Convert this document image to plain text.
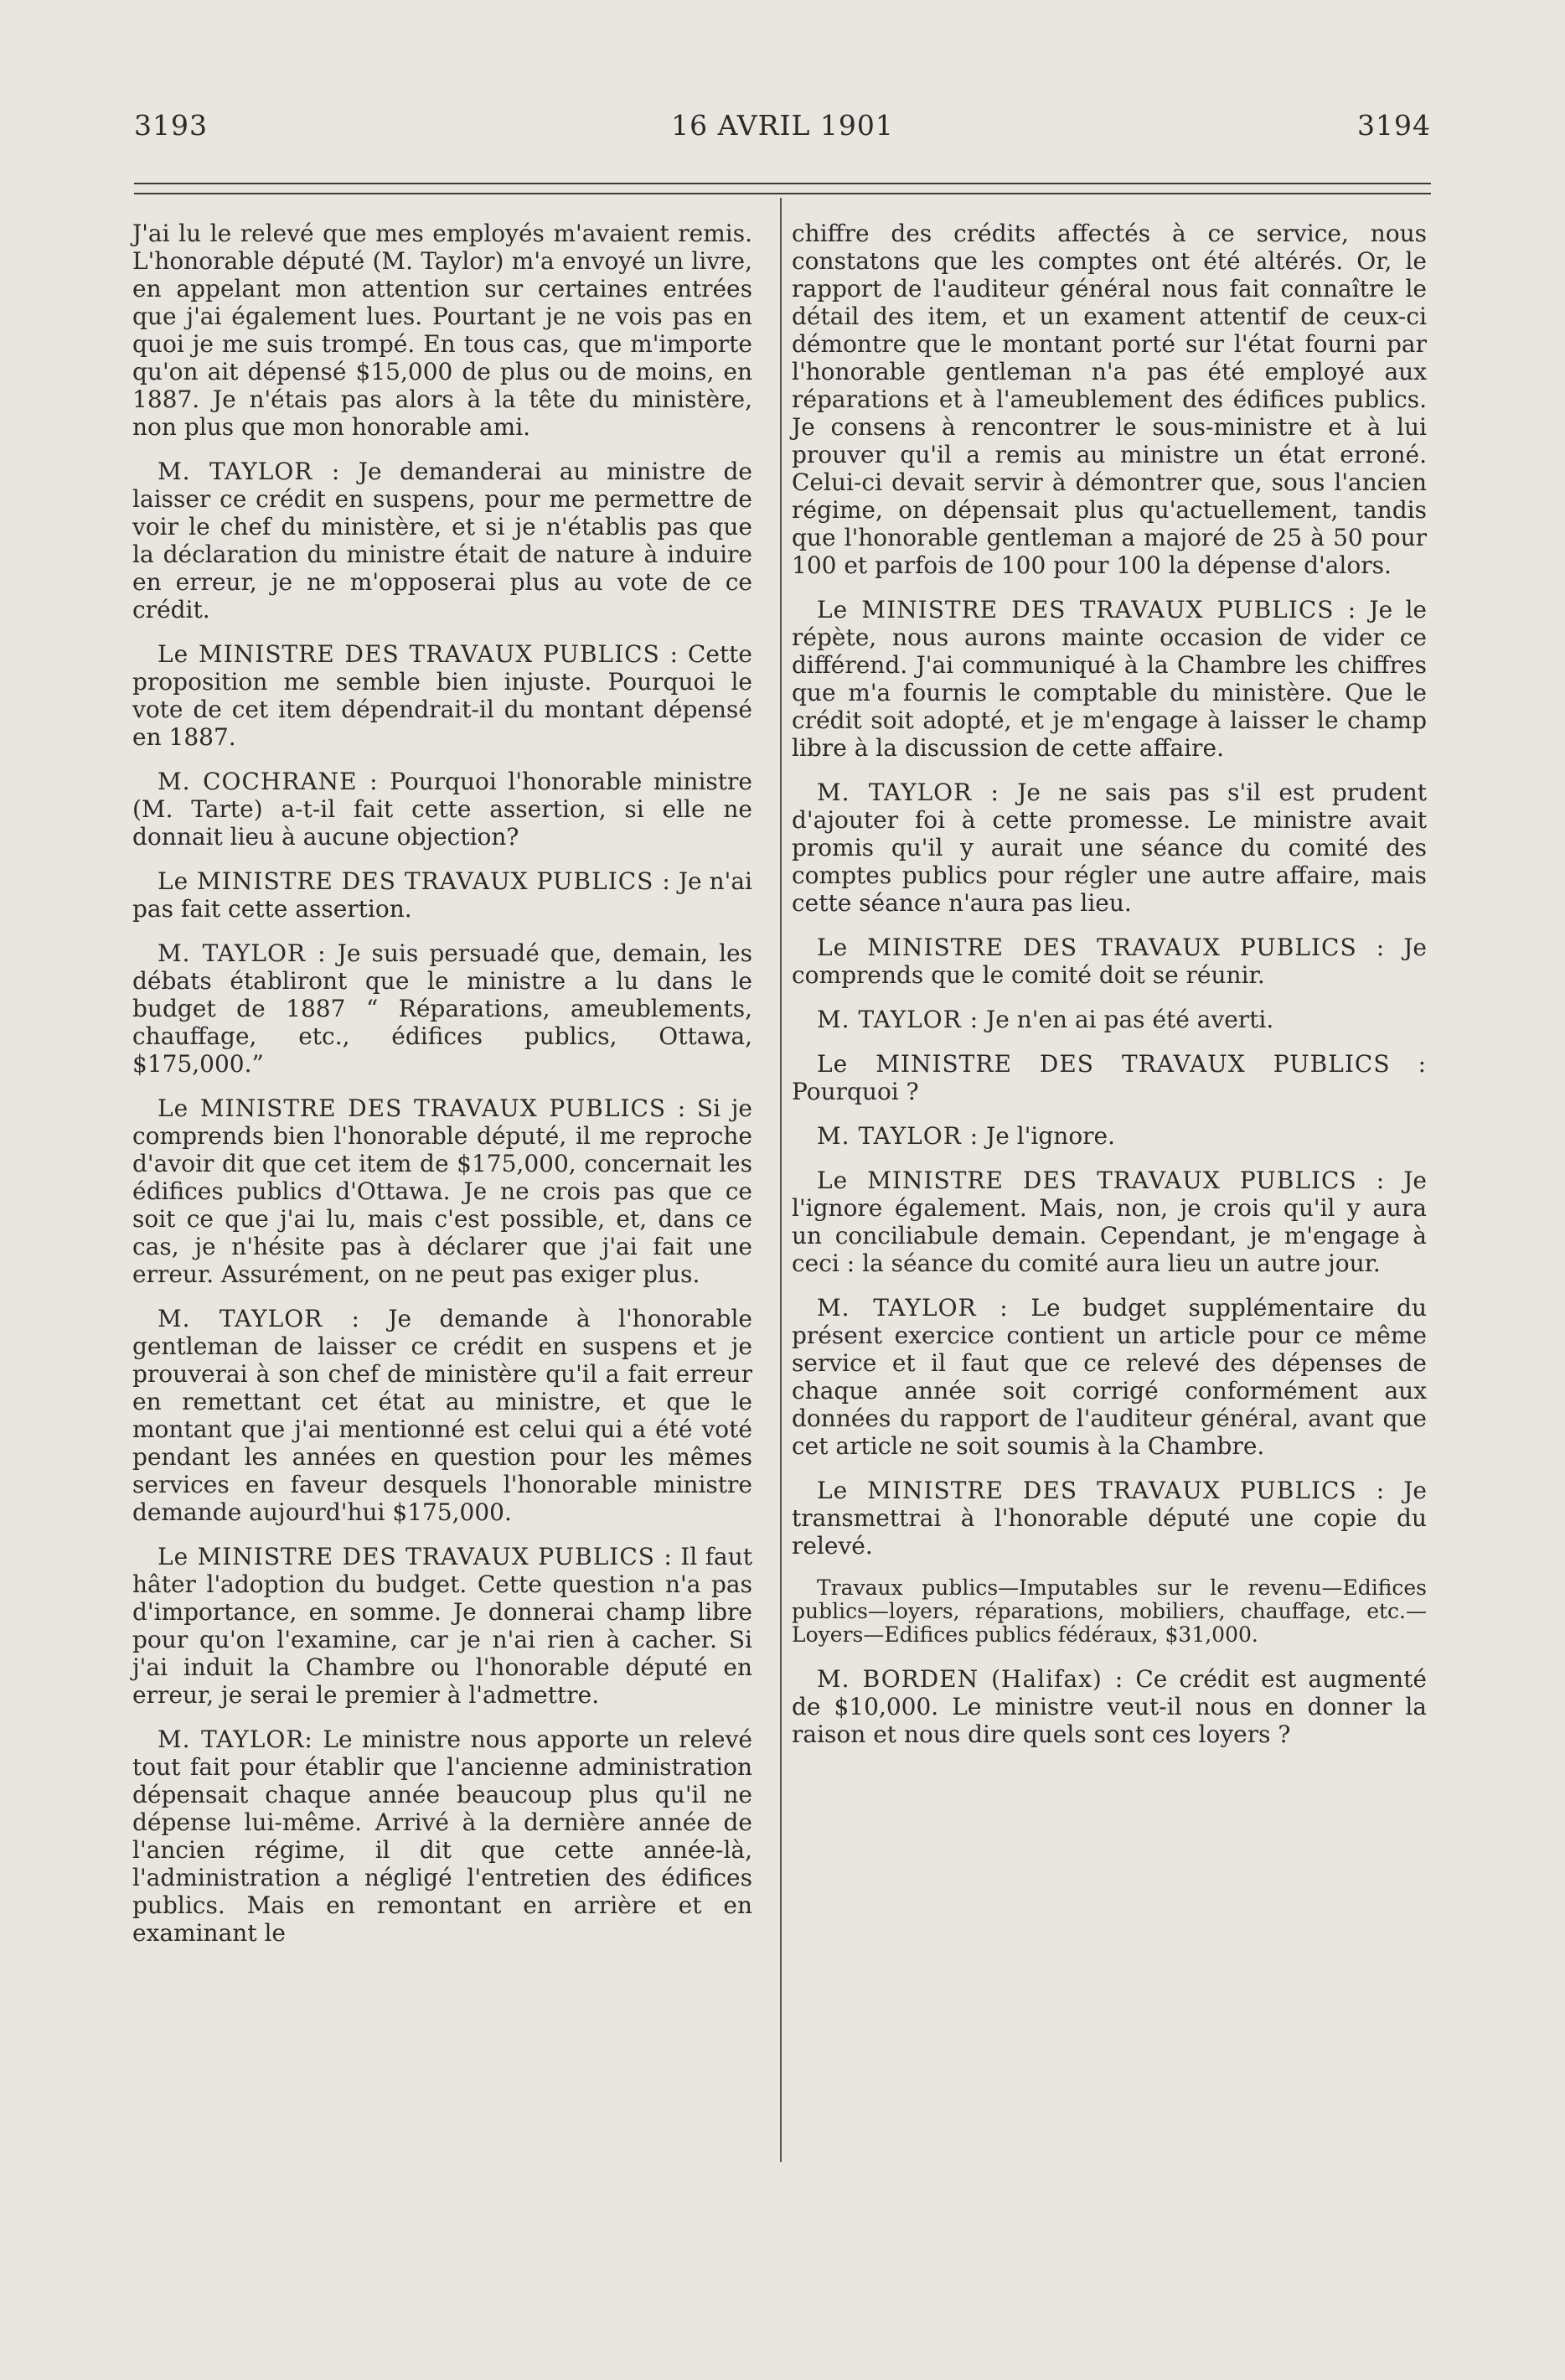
3193	16 AVRIL 1901	3194

J'ai lu le relevé que mes employés m'avaient remis. L'honorable député (M. Taylor) m'a envoyé un livre, en appelant mon attention sur certaines entrées que j'ai également lues. Pourtant je ne vois pas en quoi je me suis trompé. En tous cas, que m'importe qu'on ait dépensé $15,000 de plus ou de moins, en 1887. Je n'étais pas alors à la tête du ministère, non plus que mon honorable ami.

M. TAYLOR : Je demanderai au ministre de laisser ce crédit en suspens, pour me permettre de voir le chef du ministère, et si je n'établis pas que la déclaration du ministre était de nature à induire en erreur, je ne m'opposerai plus au vote de ce crédit.

Le MINISTRE DES TRAVAUX PUBLICS : Cette proposition me semble bien injuste. Pourquoi le vote de cet item dépendrait-il du montant dépensé en 1887.

M. COCHRANE : Pourquoi l'honorable ministre (M. Tarte) a-t-il fait cette assertion, si elle ne donnait lieu à aucune objection?

Le MINISTRE DES TRAVAUX PUBLICS : Je n'ai pas fait cette assertion.

M. TAYLOR : Je suis persuadé que, demain, les débats établiront que le ministre a lu dans le budget de 1887 “ Réparations, ameublements, chauffage, etc., édifices publics, Ottawa, $175,000.”

Le MINISTRE DES TRAVAUX PUBLICS : Si je comprends bien l'honorable député, il me reproche d'avoir dit que cet item de $175,000, concernait les édifices publics d'Ottawa. Je ne crois pas que ce soit ce que j'ai lu, mais c'est possible, et, dans ce cas, je n'hésite pas à déclarer que j'ai fait une erreur. Assurément, on ne peut pas exiger plus.

M. TAYLOR : Je demande à l'honorable gentleman de laisser ce crédit en suspens et je prouverai à son chef de ministère qu'il a fait erreur en remettant cet état au ministre, et que le montant que j'ai mentionné est celui qui a été voté pendant les années en question pour les mêmes services en faveur desquels l'honorable ministre demande aujourd'hui $175,000.

Le MINISTRE DES TRAVAUX PUBLICS : Il faut hâter l'adoption du budget. Cette question n'a pas d'importance, en somme. Je donnerai champ libre pour qu'on l'examine, car je n'ai rien à cacher. Si j'ai induit la Chambre ou l'honorable député en erreur, je serai le premier à l'admettre.

M. TAYLOR: Le ministre nous apporte un relevé tout fait pour établir que l'ancienne administration dépensait chaque année beaucoup plus qu'il ne dépense lui-même. Arrivé à la dernière année de l'ancien régime, il dit que cette année-là, l'administration a négligé l'entretien des édifices publics. Mais en remontant en arrière et en examinant le

chiffre des crédits affectés à ce service, nous constatons que les comptes ont été altérés. Or, le rapport de l'auditeur général nous fait connaître le détail des item, et un exament attentif de ceux-ci démontre que le montant porté sur l'état fourni par l'honorable gentleman n'a pas été employé aux réparations et à l'ameublement des édifices publics. Je consens à rencontrer le sous-ministre et à lui prouver qu'il a remis au ministre un état erroné. Celui-ci devait servir à démontrer que, sous l'ancien régime, on dépensait plus qu'actuellement, tandis que l'honorable gentleman a majoré de 25 à 50 pour 100 et parfois de 100 pour 100 la dépense d'alors.

Le MINISTRE DES TRAVAUX PUBLICS : Je le répète, nous aurons mainte occasion de vider ce différend. J'ai communiqué à la Chambre les chiffres que m'a fournis le comptable du ministère. Que le crédit soit adopté, et je m'engage à laisser le champ libre à la discussion de cette affaire.

M. TAYLOR : Je ne sais pas s'il est prudent d'ajouter foi à cette promesse. Le ministre avait promis qu'il y aurait une séance du comité des comptes publics pour régler une autre affaire, mais cette séance n'aura pas lieu.

Le MINISTRE DES TRAVAUX PUBLICS : Je comprends que le comité doit se réunir.

M. TAYLOR : Je n'en ai pas été averti.

Le MINISTRE DES TRAVAUX PUBLICS : Pourquoi ?

M. TAYLOR : Je l'ignore.

Le MINISTRE DES TRAVAUX PUBLICS : Je l'ignore également. Mais, non, je crois qu'il y aura un conciliabule demain. Cependant, je m'engage à ceci : la séance du comité aura lieu un autre jour.

M. TAYLOR : Le budget supplémentaire du présent exercice contient un article pour ce même service et il faut que ce relevé des dépenses de chaque année soit corrigé conformément aux données du rapport de l'auditeur général, avant que cet article ne soit soumis à la Chambre.

Le MINISTRE DES TRAVAUX PUBLICS : Je transmettrai à l'honorable député une copie du relevé.

Travaux publics—Imputables sur le revenu—Edifices publics—loyers, réparations, mobiliers, chauffage, etc.—Loyers—Edifices publics fédéraux, $31,000.

M. BORDEN (Halifax) : Ce crédit est augmenté de $10,000. Le ministre veut-il nous en donner la raison et nous dire quels sont ces loyers ?
